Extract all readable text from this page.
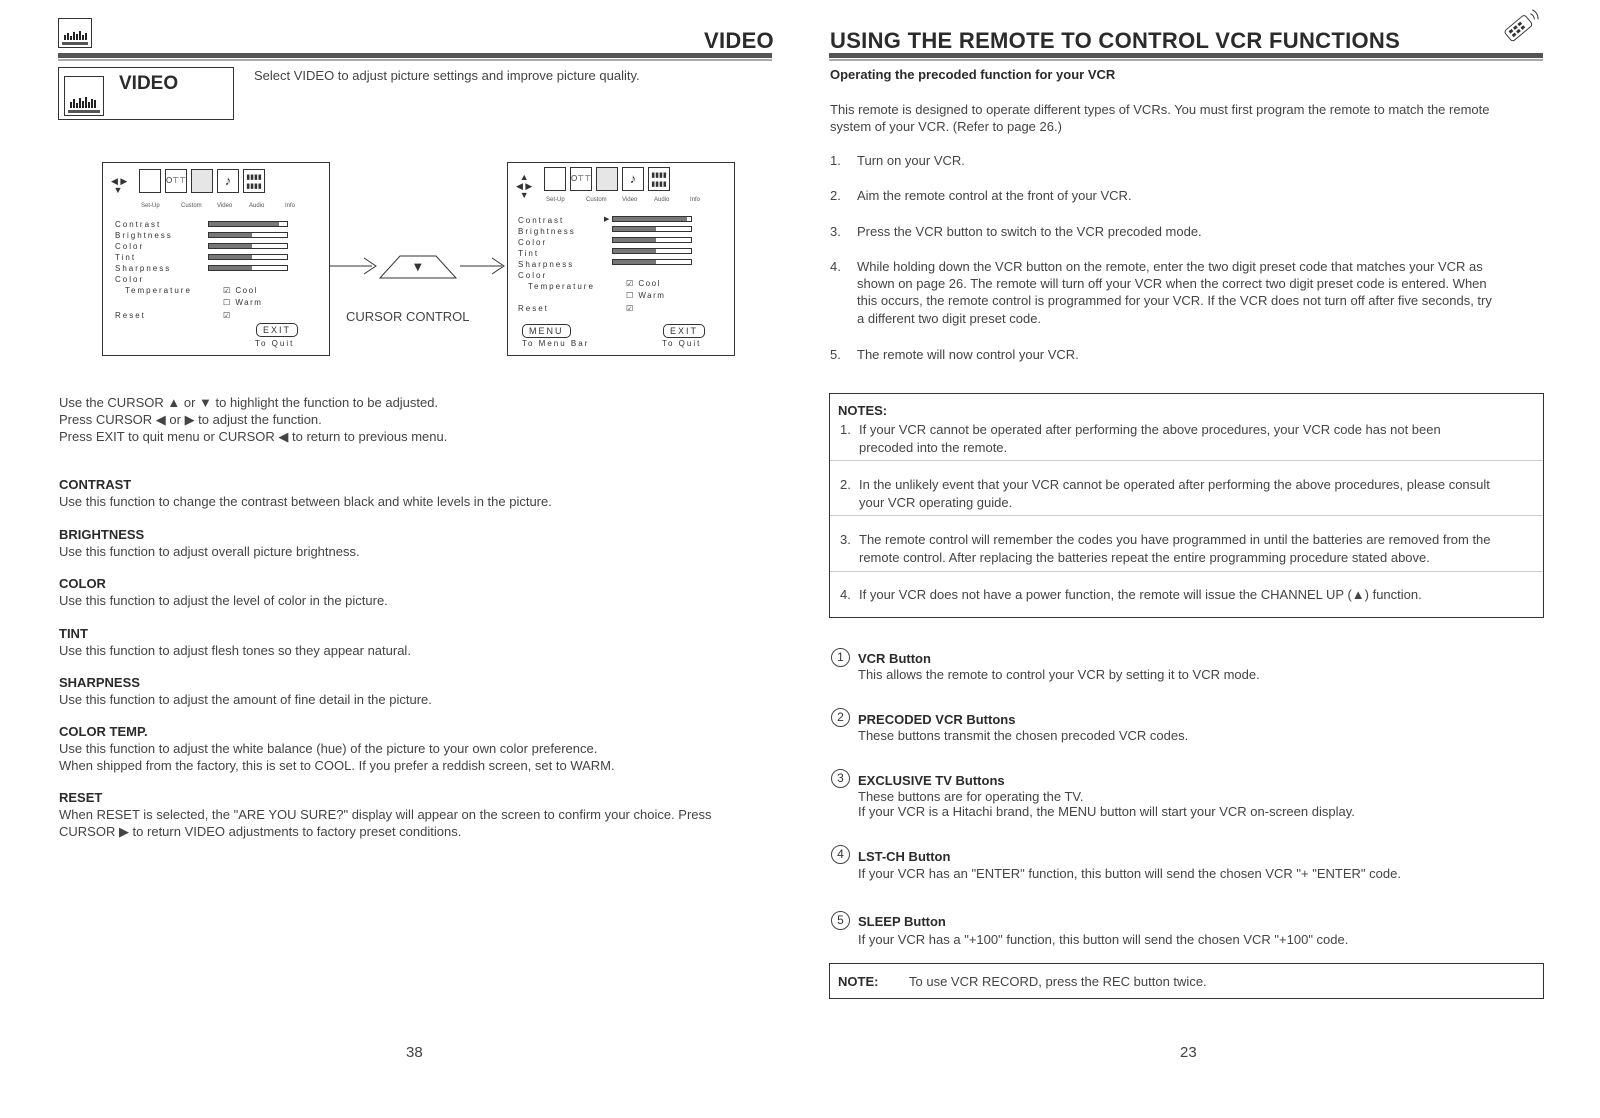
VIDEO
VIDEO	Select VIDEO to adjust picture settings and improve picture quality.
◀ ▶
▼
O⊤⊤	♪	▮▮▮▮
▮▮▮▮
Set-Up	Custom	Video	Audio	Info
Contrast
Brightness
Color
Tint
Sharpness
Color
Temperature	☑ Cool
☐ Warm
Reset	☑
EXIT
To Quit
▼
CURSOR CONTROL
▲
◀ ▶
▼
O⊤⊤	♪	▮▮▮▮
▮▮▮▮
Set-Up	Custom	Video	Audio	Info
Contrast
Brightness
Color
Tint
Sharpness
Color
Temperature
▶
☑ Cool
☐ Warm
Reset	☑
MENU	EXIT
To Menu Bar	To Quit
Use the CURSOR ▲ or ▼ to highlight the function to be adjusted.
Press CURSOR ◀ or ▶ to adjust the function.
Press EXIT to quit menu or CURSOR ◀ to return to previous menu.
CONTRAST
Use this function to change the contrast between black and white levels in the picture.
BRIGHTNESS
Use this function to adjust overall picture brightness.
COLOR
Use this function to adjust the level of color in the picture.
TINT
Use this function to adjust flesh tones so they appear natural.
SHARPNESS
Use this function to adjust the amount of fine detail in the picture.
COLOR TEMP.
Use this function to adjust the white balance (hue) of the picture to your own color preference.
When shipped from the factory, this is set to COOL. If you prefer a reddish screen, set to WARM.
RESET
When RESET is selected, the "ARE YOU SURE?" display will appear on the screen to confirm your choice. Press
CURSOR ▶ to return VIDEO adjustments to factory preset conditions.
38
USING THE REMOTE TO CONTROL VCR FUNCTIONS
Operating the precoded function for your VCR
This remote is designed to operate different types of VCRs. You must first program the remote to match the remote
system of your VCR. (Refer to page 26.)
1. Turn on your VCR.
2. Aim the remote control at the front of your VCR.
3. Press the VCR button to switch to the VCR precoded mode.
4. While holding down the VCR button on the remote, enter the two digit preset code that matches your VCR as
shown on page 26. The remote will turn off your VCR when the correct two digit preset code is entered. When
this occurs, the remote control is programmed for your VCR. If the VCR does not turn off after five seconds, try
a different two digit preset code.
5. The remote will now control your VCR.
NOTES:
1. If your VCR cannot be operated after performing the above procedures, your VCR code has not been
precoded into the remote.
2. In the unlikely event that your VCR cannot be operated after performing the above procedures, please consult
your VCR operating guide.
3. The remote control will remember the codes you have programmed in until the batteries are removed from the
remote control. After replacing the batteries repeat the entire programming procedure stated above.
4. If your VCR does not have a power function, the remote will issue the CHANNEL UP (▲) function.
1	VCR Button
This allows the remote to control your VCR by setting it to VCR mode.
2	PRECODED VCR Buttons
These buttons transmit the chosen precoded VCR codes.
3	EXCLUSIVE TV Buttons
These buttons are for operating the TV.
If your VCR is a Hitachi brand, the MENU button will start your VCR on-screen display.
4	LST-CH Button
If your VCR has an "ENTER" function, this button will send the chosen VCR "+ "ENTER" code.
5	SLEEP Button
If your VCR has a "+100" function, this button will send the chosen VCR "+100" code.
NOTE: To use VCR RECORD, press the REC button twice.
23
